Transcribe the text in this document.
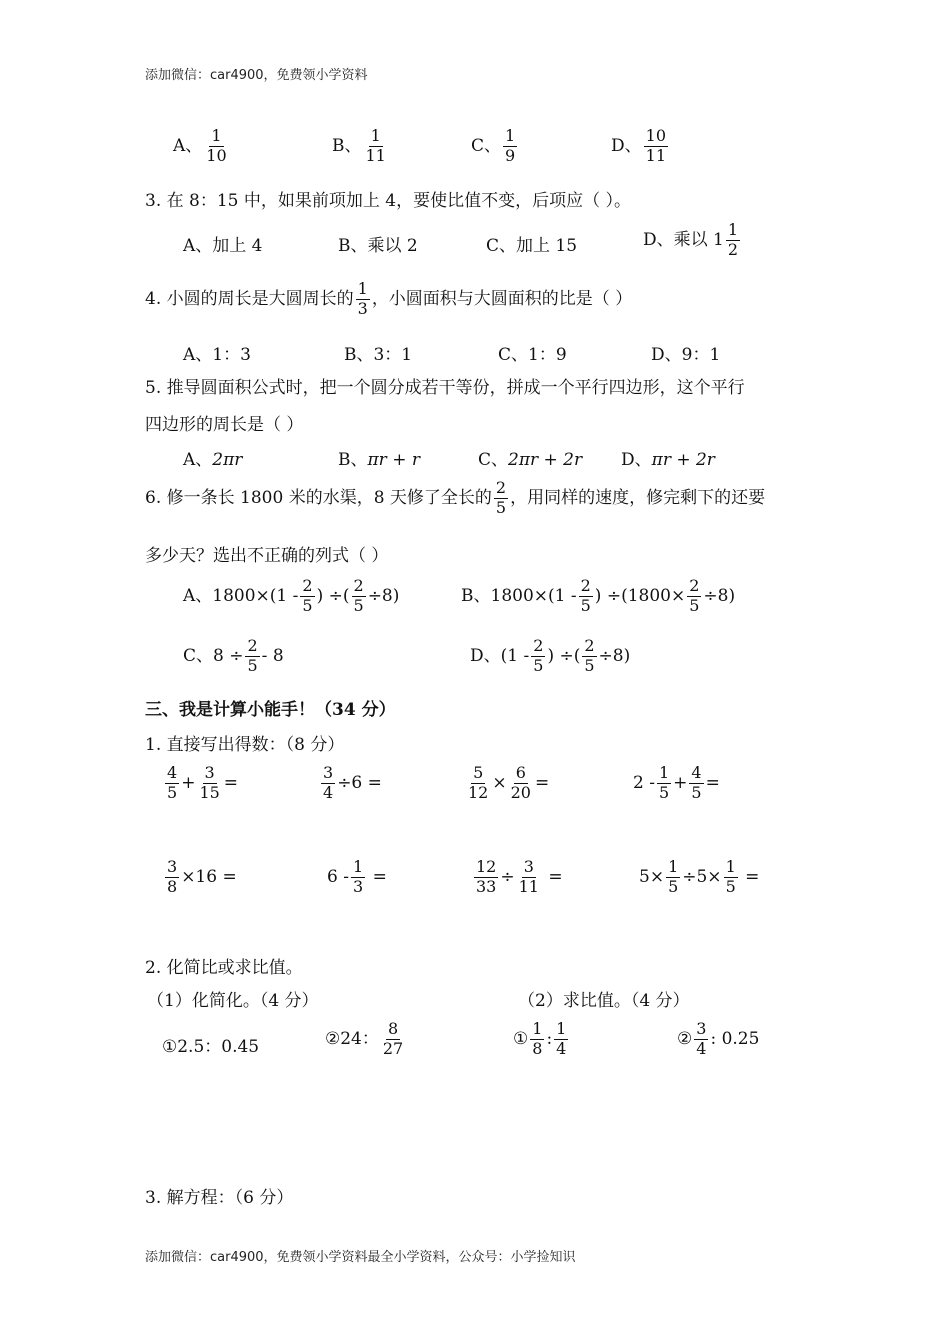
添加微信：car4900，免费领小学资料
A、 $\frac{1}{10}$	B、 $\frac{1}{11}$	C、 $\frac{1}{9}$	D、 $\frac{10}{11}$
3. 在 8：15 中，如果前项加上 4，要使比值不变，后项应（ ）。
A、加上 4	B、乘以 2	C、加上 15	D、乘以 $1 \frac{1}{2}$
4. 小圆的周长是大圆周长的 $\frac{1}{3}$ ，小圆面积与大圆面积的比是（ ）
A、1：3	B、3：1	C、1：9	D、9：1
5. 推导圆面积公式时，把一个圆分成若干等份，拼成一个平行四边形，这个平行
四边形的周长是（ ）
A、2πr	B、πr + r	C、2πr + 2r D、πr + 2r
6. 修一条长 1800 米的水渠，8 天修了全长的 $\frac{2}{5}$ ，用同样的速度，修完剩下的还要
多少天？选出不正确的列式（ ）
A、$1800\times(1 - \frac{2}{5}$ ) ÷( $\frac{2}{5} \div 8$)	B、$1800\times(1 - \frac{2}{5}$ ) $\div(1800\times \frac{2}{5} \div 8)$
C、$8 \div \frac{2}{5} - 8$	D、($1 - \frac{2}{5}$ ) ÷( $\frac{2}{5} \div 8$)
三、我是计算小能手！（34 分）
1. 直接写出得数：（8 分）
$\frac{4}{5} + \frac{3}{15}$ =	$\frac{3}{4} \div 6$ =	$\frac{5}{12} \times \frac{6}{20}$ =	$2 - \frac{1}{5} + \frac{4}{5}$ =
$\frac{3}{8} \times 16$ =	$6 - \frac{1}{3}$ =	$\frac{12}{33} \div \frac{3}{11}$ =	$5\times \frac{1}{5} \div 5\times \frac{1}{5}$ =
2. 化简比或求比值。
（1）化简化。（4 分）	（2）求比值。（4 分）
①2.5：0.45	②24： $\frac{8}{27}$	① $\frac{1}{8}$ : $\frac{1}{4}$	② $\frac{3}{4}$ : 0.25
3. 解方程：（6 分）
添加微信：car4900，免费领小学资料最全小学资料，公众号：小学捡知识
